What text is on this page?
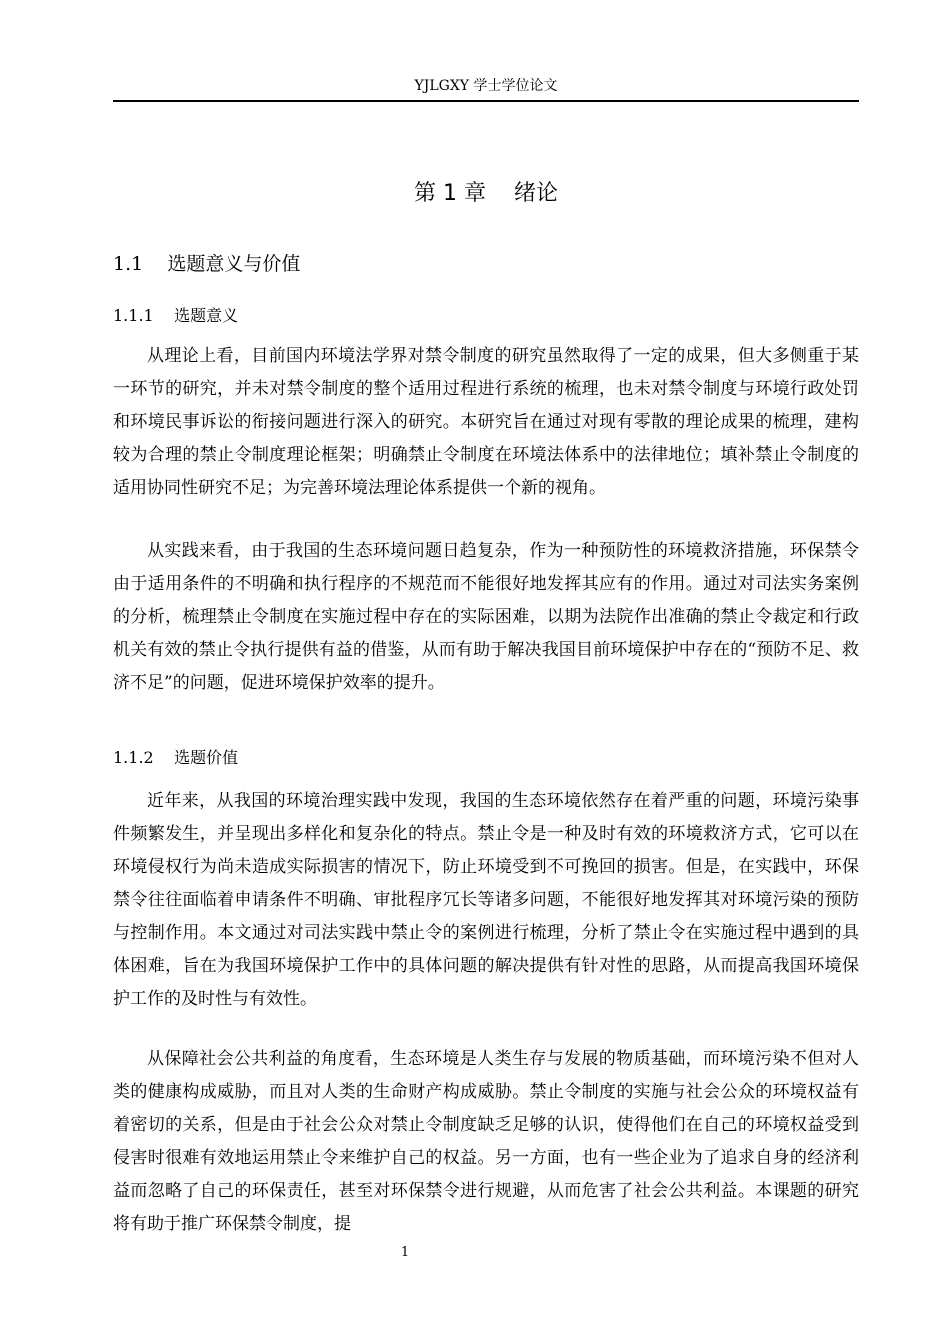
YJLGXY 学士学位论文
第 1 章    绪论
1.1 选题意义与价值
1.1.1 选题意义

从理论上看，目前国内环境法学界对禁令制度的研究虽然取得了一定的成果，但大多侧重于某一环节的研究，并未对禁令制度的整个适用过程进行系统的梳理，也未对禁令制度与环境行政处罚和环境民事诉讼的衔接问题进行深入的研究。本研究旨在通过对现有零散的理论成果的梳理，建构较为合理的禁止令制度理论框架；明确禁止令制度在环境法体系中的法律地位；填补禁止令制度的适用协同性研究不足；为完善环境法理论体系提供一个新的视角。

从实践来看，由于我国的生态环境问题日趋复杂，作为一种预防性的环境救济措施，环保禁令由于适用条件的不明确和执行程序的不规范而不能很好地发挥其应有的作用。通过对司法实务案例的分析，梳理禁止令制度在实施过程中存在的实际困难，以期为法院作出准确的禁止令裁定和行政机关有效的禁止令执行提供有益的借鉴，从而有助于解决我国目前环境保护中存在的“预防不足、救济不足”的问题，促进环境保护效率的提升。

1.1.2 选题价值

近年来，从我国的环境治理实践中发现，我国的生态环境依然存在着严重的问题，环境污染事件频繁发生，并呈现出多样化和复杂化的特点。禁止令是一种及时有效的环境救济方式，它可以在环境侵权行为尚未造成实际损害的情况下，防止环境受到不可挽回的损害。但是，在实践中，环保禁令往往面临着申请条件不明确、审批程序冗长等诸多问题，不能很好地发挥其对环境污染的预防与控制作用。本文通过对司法实践中禁止令的案例进行梳理，分析了禁止令在实施过程中遇到的具体困难，旨在为我国环境保护工作中的具体问题的解决提供有针对性的思路，从而提高我国环境保护工作的及时性与有效性。

从保障社会公共利益的角度看，生态环境是人类生存与发展的物质基础，而环境污染不但对人类的健康构成威胁，而且对人类的生命财产构成威胁。禁止令制度的实施与社会公众的环境权益有着密切的关系，但是由于社会公众对禁止令制度缺乏足够的认识，使得他们在自己的环境权益受到侵害时很难有效地运用禁止令来维护自己的权益。另一方面，也有一些企业为了追求自身的经济利益而忽略了自己的环保责任，甚至对环保禁令进行规避，从而危害了社会公共利益。本课题的研究将有助于推广环保禁令制度，提

1
